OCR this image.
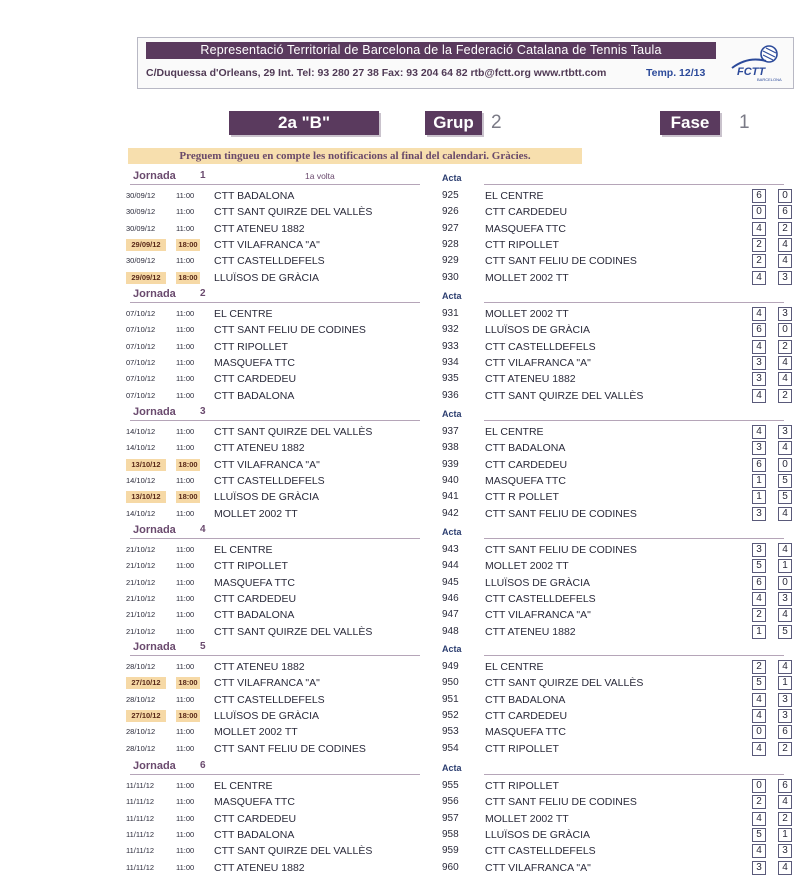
Representació Territorial de Barcelona de la Federació Catalana de Tennis Taula
C/Duquessa d'Orleans, 29 Int. Tel: 93 280 27 38 Fax: 93 204 64 82 rtb@fctt.org www.rtbtt.com	Temp. 12/13	FCTT
BARCELONA
2a "B"	Grup 2	Fase	1
Preguem tingueu en compte les notificacions al final del calendari. Gràcies.
Jornada 1	1a volta	Acta
30/09/12	11:00	CTT BADALONA	925	EL CENTRE	6	0
30/09/12	11:00	CTT SANT QUIRZE DEL VALLÈS	926	CTT CARDEDEU	0	6
30/09/12	11:00	CTT ATENEU 1882	927	MASQUEFA TTC	4	2
29/09/12	18:00 CTT VILAFRANCA "A"	928	CTT RIPOLLET	2	4
30/09/12	11:00	CTT CASTELLDEFELS	929	CTT SANT FELIU DE CODINES	2	4
29/09/12	18:00 LLUÏSOS DE GRÀCIA	930	MOLLET 2002 TT	4	3
Jornada 2	Acta
07/10/12	11:00	EL CENTRE	931	MOLLET 2002 TT	4	3
07/10/12	11:00	CTT SANT FELIU DE CODINES	932	LLUÏSOS DE GRÀCIA	6	0
07/10/12	11:00	CTT RIPOLLET	933	CTT CASTELLDEFELS	4	2
07/10/12	11:00	MASQUEFA TTC	934	CTT VILAFRANCA "A"	3	4
07/10/12	11:00	CTT CARDEDEU	935	CTT ATENEU 1882	3	4
07/10/12	11:00	CTT BADALONA	936	CTT SANT QUIRZE DEL VALLÈS	4	2
Jornada 3	Acta
14/10/12	11:00	CTT SANT QUIRZE DEL VALLÈS	937	EL CENTRE	4	3
14/10/12	11:00	CTT ATENEU 1882	938	CTT BADALONA	3	4
13/10/12	18:00 CTT VILAFRANCA "A"	939	CTT CARDEDEU	6	0
14/10/12	11:00	CTT CASTELLDEFELS	940	MASQUEFA TTC	1	5
13/10/12	18:00 LLUÏSOS DE GRÀCIA	941	CTT R POLLET	1	5
14/10/12	11:00	MOLLET 2002 TT	942	CTT SANT FELIU DE CODINES	3	4
Jornada 4	Acta
21/10/12	11:00	EL CENTRE	943	CTT SANT FELIU DE CODINES	3	4
21/10/12	11:00	CTT RIPOLLET	944	MOLLET 2002 TT	5	1
21/10/12	11:00	MASQUEFA TTC	945	LLUÏSOS DE GRÀCIA	6	0
21/10/12	11:00	CTT CARDEDEU	946	CTT CASTELLDEFELS	4	3
21/10/12	11:00	CTT BADALONA	947	CTT VILAFRANCA "A"	2	4
21/10/12	11:00	CTT SANT QUIRZE DEL VALLÈS	948	CTT ATENEU 1882	1	5
Jornada 5	Acta
28/10/12	11:00	CTT ATENEU 1882	949	EL CENTRE	2	4
27/10/12	18:00 CTT VILAFRANCA "A"	950	CTT SANT QUIRZE DEL VALLÈS	5	1
28/10/12	11:00	CTT CASTELLDEFELS	951	CTT BADALONA	4	3
27/10/12	18:00 LLUÏSOS DE GRÀCIA	952	CTT CARDEDEU	4	3
28/10/12	11:00	MOLLET 2002 TT	953	MASQUEFA TTC	0	6
28/10/12	11:00	CTT SANT FELIU DE CODINES	954	CTT RIPOLLET	4	2
Jornada 6	Acta
11/11/12	11:00	EL CENTRE	955	CTT RIPOLLET	0	6
11/11/12	11:00	MASQUEFA TTC	956	CTT SANT FELIU DE CODINES	2	4
11/11/12	11:00	CTT CARDEDEU	957	MOLLET 2002 TT	4	2
11/11/12	11:00	CTT BADALONA	958	LLUÏSOS DE GRÀCIA	5	1
11/11/12	11:00	CTT SANT QUIRZE DEL VALLÈS	959	CTT CASTELLDEFELS	4	3
11/11/12	11:00	CTT ATENEU 1882	960	CTT VILAFRANCA "A"	3	4
